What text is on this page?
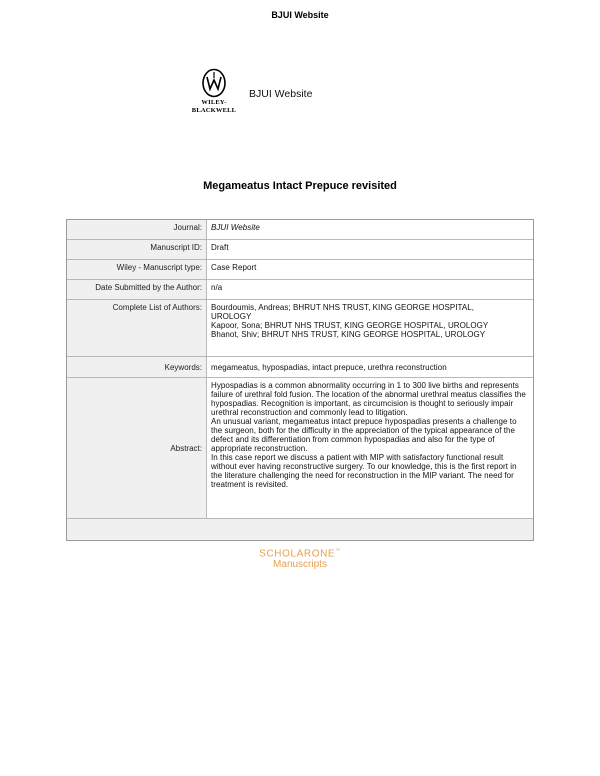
BJUI Website
WILEY-
BLACKWELL
BJUI Website
Megameatus Intact Prepuce revisited
Journal:	BJUI Website
Manuscript ID:	Draft
Wiley - Manuscript type:	Case Report
Date Submitted by the Author:	n/a
Complete List of Authors:	Bourdoumis, Andreas; BHRUT NHS TRUST, KING GEORGE HOSPITAL,
UROLOGY
Kapoor, Sona; BHRUT NHS TRUST, KING GEORGE HOSPITAL, UROLOGY
Bhanot, Shiv; BHRUT NHS TRUST, KING GEORGE HOSPITAL, UROLOGY
Keywords:	megameatus, hypospadias, intact prepuce, urethra reconstruction
Abstract:

Hypospadias is a common abnormality occurring in 1 to 300 live births and represents failure of urethral fold fusion. The location of the abnormal urethral meatus classifies the hypospadias. Recognition is important, as circumcision is thought to seriously impair urethral reconstruction and commonly lead to litigation.

An unusual variant, megameatus intact prepuce hypospadias presents a challenge to the surgeon, both for the difficulty in the appreciation of the typical appearance of the defect and its differentiation from common hypospadias and also for the type of appropriate reconstruction.

In this case report we discuss a patient with MIP with satisfactory functional result without ever having reconstructive surgery. To our knowledge, this is the first report in the literature challenging the need for reconstruction in the MIP variant. The need for treatment is revisited.

SCHOLARONE™
Manuscripts
